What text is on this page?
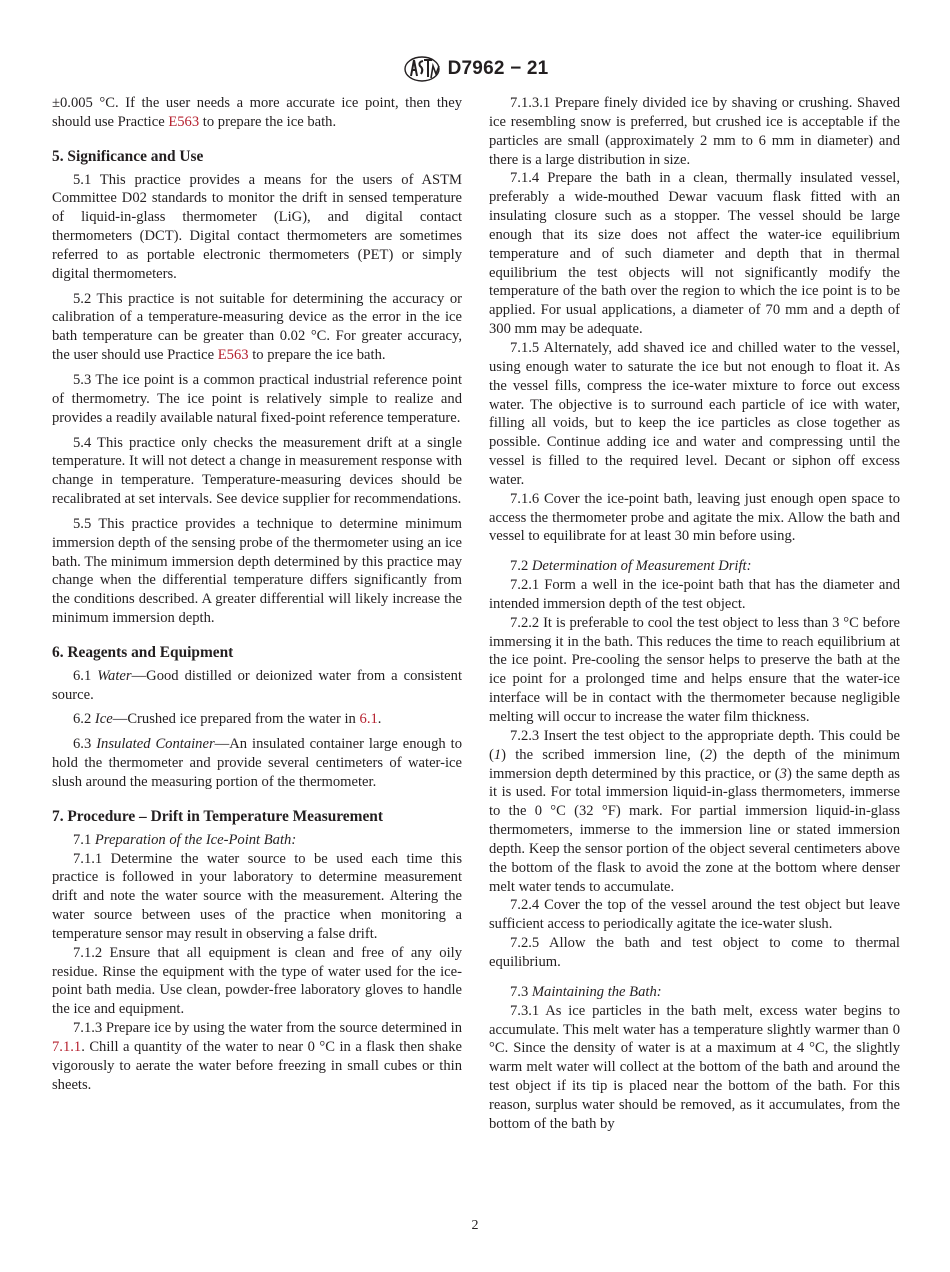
D7962 − 21

±0.005 °C. If the user needs a more accurate ice point, then they should use Practice E563 to prepare the ice bath.

5. Significance and Use

5.1 This practice provides a means for the users of ASTM Committee D02 standards to monitor the drift in sensed temperature of liquid-in-glass thermometer (LiG), and digital contact thermometers (DCT). Digital contact thermometers are sometimes referred to as portable electronic thermometers (PET) or simply digital thermometers.

5.2 This practice is not suitable for determining the accuracy or calibration of a temperature-measuring device as the error in the ice bath temperature can be greater than 0.02 °C. For greater accuracy, the user should use Practice E563 to prepare the ice bath.

5.3 The ice point is a common practical industrial reference point of thermometry. The ice point is relatively simple to realize and provides a readily available natural fixed-point reference temperature.

5.4 This practice only checks the measurement drift at a single temperature. It will not detect a change in measurement response with change in temperature. Temperature-measuring devices should be recalibrated at set intervals. See device supplier for recommendations.

5.5 This practice provides a technique to determine minimum immersion depth of the sensing probe of the thermometer using an ice bath. The minimum immersion depth determined by this practice may change when the differential temperature differs significantly from the conditions described. A greater differential will likely increase the minimum immersion depth.

6. Reagents and Equipment

6.1 Water—Good distilled or deionized water from a consistent source.

6.2 Ice—Crushed ice prepared from the water in 6.1.

6.3 Insulated Container—An insulated container large enough to hold the thermometer and provide several centimeters of water-ice slush around the measuring portion of the thermometer.

7. Procedure – Drift in Temperature Measurement

7.1 Preparation of the Ice-Point Bath:

7.1.1 Determine the water source to be used each time this practice is followed in your laboratory to determine measurement drift and note the water source with the measurement. Altering the water source between uses of the practice when monitoring a temperature sensor may result in observing a false drift.

7.1.2 Ensure that all equipment is clean and free of any oily residue. Rinse the equipment with the type of water used for the ice-point bath media. Use clean, powder-free laboratory gloves to handle the ice and equipment.

7.1.3 Prepare ice by using the water from the source determined in 7.1.1. Chill a quantity of the water to near 0 °C in a flask then shake vigorously to aerate the water before freezing in small cubes or thin sheets.

7.1.3.1 Prepare finely divided ice by shaving or crushing. Shaved ice resembling snow is preferred, but crushed ice is acceptable if the particles are small (approximately 2 mm to 6 mm in diameter) and there is a large distribution in size.

7.1.4 Prepare the bath in a clean, thermally insulated vessel, preferably a wide-mouthed Dewar vacuum flask fitted with an insulating closure such as a stopper. The vessel should be large enough that its size does not affect the water-ice equilibrium temperature and of such diameter and depth that in thermal equilibrium the test objects will not significantly modify the temperature of the bath over the region to which the ice point is to be applied. For usual applications, a diameter of 70 mm and a depth of 300 mm may be adequate.

7.1.5 Alternately, add shaved ice and chilled water to the vessel, using enough water to saturate the ice but not enough to float it. As the vessel fills, compress the ice-water mixture to force out excess water. The objective is to surround each particle of ice with water, filling all voids, but to keep the ice particles as close together as possible. Continue adding ice and water and compressing until the vessel is filled to the required level. Decant or siphon off excess water.

7.1.6 Cover the ice-point bath, leaving just enough open space to access the thermometer probe and agitate the mix. Allow the bath and vessel to equilibrate for at least 30 min before using.

7.2 Determination of Measurement Drift:

7.2.1 Form a well in the ice-point bath that has the diameter and intended immersion depth of the test object.

7.2.2 It is preferable to cool the test object to less than 3 °C before immersing it in the bath. This reduces the time to reach equilibrium at the ice point. Pre-cooling the sensor helps to preserve the bath at the ice point for a prolonged time and helps ensure that the water-ice interface will be in contact with the thermometer because negligible melting will occur to increase the water film thickness.

7.2.3 Insert the test object to the appropriate depth. This could be (1) the scribed immersion line, (2) the depth of the minimum immersion depth determined by this practice, or (3) the same depth as it is used. For total immersion liquid-in-glass thermometers, immerse to the 0 °C (32 °F) mark. For partial immersion liquid-in-glass thermometers, immerse to the immersion line or stated immersion depth. Keep the sensor portion of the object several centimeters above the bottom of the flask to avoid the zone at the bottom where denser melt water tends to accumulate.

7.2.4 Cover the top of the vessel around the test object but leave sufficient access to periodically agitate the ice-water slush.

7.2.5 Allow the bath and test object to come to thermal equilibrium.

7.3 Maintaining the Bath:

7.3.1 As ice particles in the bath melt, excess water begins to accumulate. This melt water has a temperature slightly warmer than 0 °C. Since the density of water is at a maximum at 4 °C, the slightly warm melt water will collect at the bottom of the bath and around the test object if its tip is placed near the bottom of the bath. For this reason, surplus water should be removed, as it accumulates, from the bottom of the bath by

2
